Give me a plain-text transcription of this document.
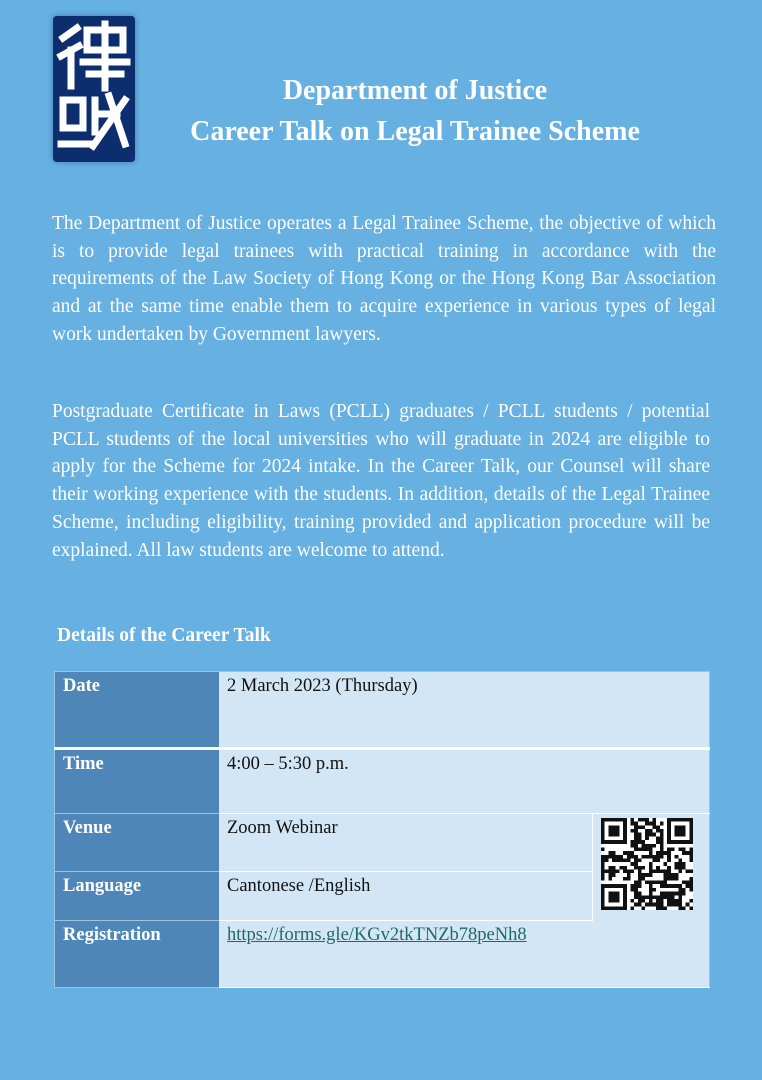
Department of Justice
Career Talk on Legal Trainee Scheme
The Department of Justice operates a Legal Trainee Scheme, the objective of which is to provide legal trainees with practical training in accordance with the requirements of the Law Society of Hong Kong or the Hong Kong Bar Association and at the same time enable them to acquire experience in various types of legal work undertaken by Government lawyers.
Postgraduate Certificate in Laws (PCLL) graduates / PCLL students / potential PCLL students of the local universities who will graduate in 2024 are eligible to apply for the Scheme for 2024 intake. In the Career Talk, our Counsel will share their working experience with the students. In addition, details of the Legal Trainee Scheme, including eligibility, training provided and application procedure will be explained. All law students are welcome to attend.
Details of the Career Talk
Date	2 March 2023 (Thursday)	
Time	4:00 – 5:30 p.m.	
Venue	Zoom Webinar	

Language	Cantonese /English	
Registration	https://forms.gle/KGv2tkTNZb78peNh8	
